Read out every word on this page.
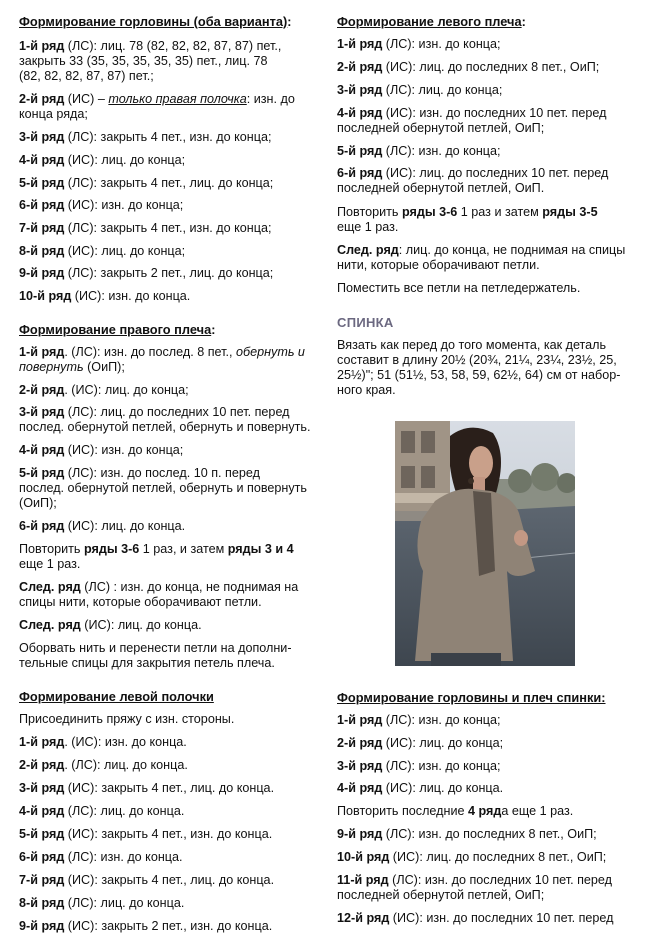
Формирование горловины (оба варианта):
1-й ряд (ЛС): лиц. 78 (82, 82, 82, 87, 87) пет.,
закрыть 33 (35, 35, 35, 35, 35) пет., лиц. 78
(82, 82, 82, 87, 87) пет.;
2-й ряд (ИС) – только правая полочка: изн. до
конца ряда;
3-й ряд (ЛС): закрыть 4 пет., изн. до конца;
4-й ряд (ИС): лиц. до конца;
5-й ряд (ЛС): закрыть 4 пет., лиц. до конца;
6-й ряд (ИС): изн. до конца;
7-й ряд (ЛС): закрыть 4 пет., изн. до конца;
8-й ряд (ИС): лиц. до конца;
9-й ряд (ЛС): закрыть 2 пет., лиц. до конца;
10-й ряд (ИС): изн. до конца.
Формирование правого плеча:
1-й ряд. (ЛС): изн. до послед. 8 пет., обернуть и
повернуть (ОиП);
2-й ряд. (ИС): лиц. до конца;
3-й ряд (ЛС): лиц. до последних 10 пет. перед
послед. обернутой петлей, обернуть и повернуть.
4-й ряд (ИС): изн. до конца;
5-й ряд (ЛС): изн. до послед. 10 п. перед
послед. обернутой петлей, обернуть и повернуть
(ОиП);
6-й ряд (ИС): лиц. до конца.
Повторить ряды 3-6 1 раз, и затем ряды 3 и 4
еще 1 раз.
След. ряд (ЛС) : изн. до конца, не поднимая на
спицы нити, которые оборачивают петли.
След. ряд (ИС): лиц. до конца.
Оборвать нить и перенести петли на дополни-
тельные спицы для закрытия петель плеча.
Формирование левой полочки
Присоединить пряжу с изн. стороны.
1-й ряд. (ИС): изн. до конца.
2-й ряд. (ЛС): лиц. до конца.
3-й ряд (ИС): закрыть 4 пет., лиц. до конца.
4-й ряд (ЛС): лиц. до конца.
5-й ряд (ИС): закрыть 4 пет., изн. до конца.
6-й ряд (ЛС): изн. до конца.
7-й ряд (ИС): закрыть 4 пет., лиц. до конца.
8-й ряд (ЛС): лиц. до конца.
9-й ряд (ИС): закрыть 2 пет., изн. до конца.
Формирование левого плеча:
1-й ряд (ЛС): изн. до конца;
2-й ряд (ИС): лиц. до последних 8 пет., ОиП;
3-й ряд (ЛС): лиц. до конца;
4-й ряд (ИС): изн. до последних 10 пет. перед
последней обернутой петлей, ОиП;
5-й ряд (ЛС): изн. до конца;
6-й ряд (ИС): лиц. до последних 10 пет. перед
последней обернутой петлей, ОиП.
Повторить ряды 3-6 1 раз и затем ряды 3-5
еще 1 раз.
След. ряд: лиц. до конца, не поднимая на спицы
нити, которые оборачивают петли.
Поместить все петли на петледержатель.
СПИНКА
Вязать как перед до того момента, как деталь
составит в длину 20½ (20¾, 21¼, 23¼, 23½, 25,
25½)"; 51 (51½, 53, 58, 59, 62½, 64) см от набор-
ного края.
Формирование горловины и плеч спинки:
1-й ряд (ЛС): изн. до конца;
2-й ряд (ИС): лиц. до конца;
3-й ряд (ЛС): изн. до конца;
4-й ряд (ИС): лиц. до конца.
Повторить последние 4 ряда еще 1 раз.
9-й ряд (ЛС): изн. до последних 8 пет., ОиП;
10-й ряд (ИС): лиц. до последних 8 пет., ОиП;
11-й ряд (ЛС): изн. до последних 10 пет. перед
последней обернутой петлей, ОиП;
12-й ряд (ИС): изн. до последних 10 пет. перед
